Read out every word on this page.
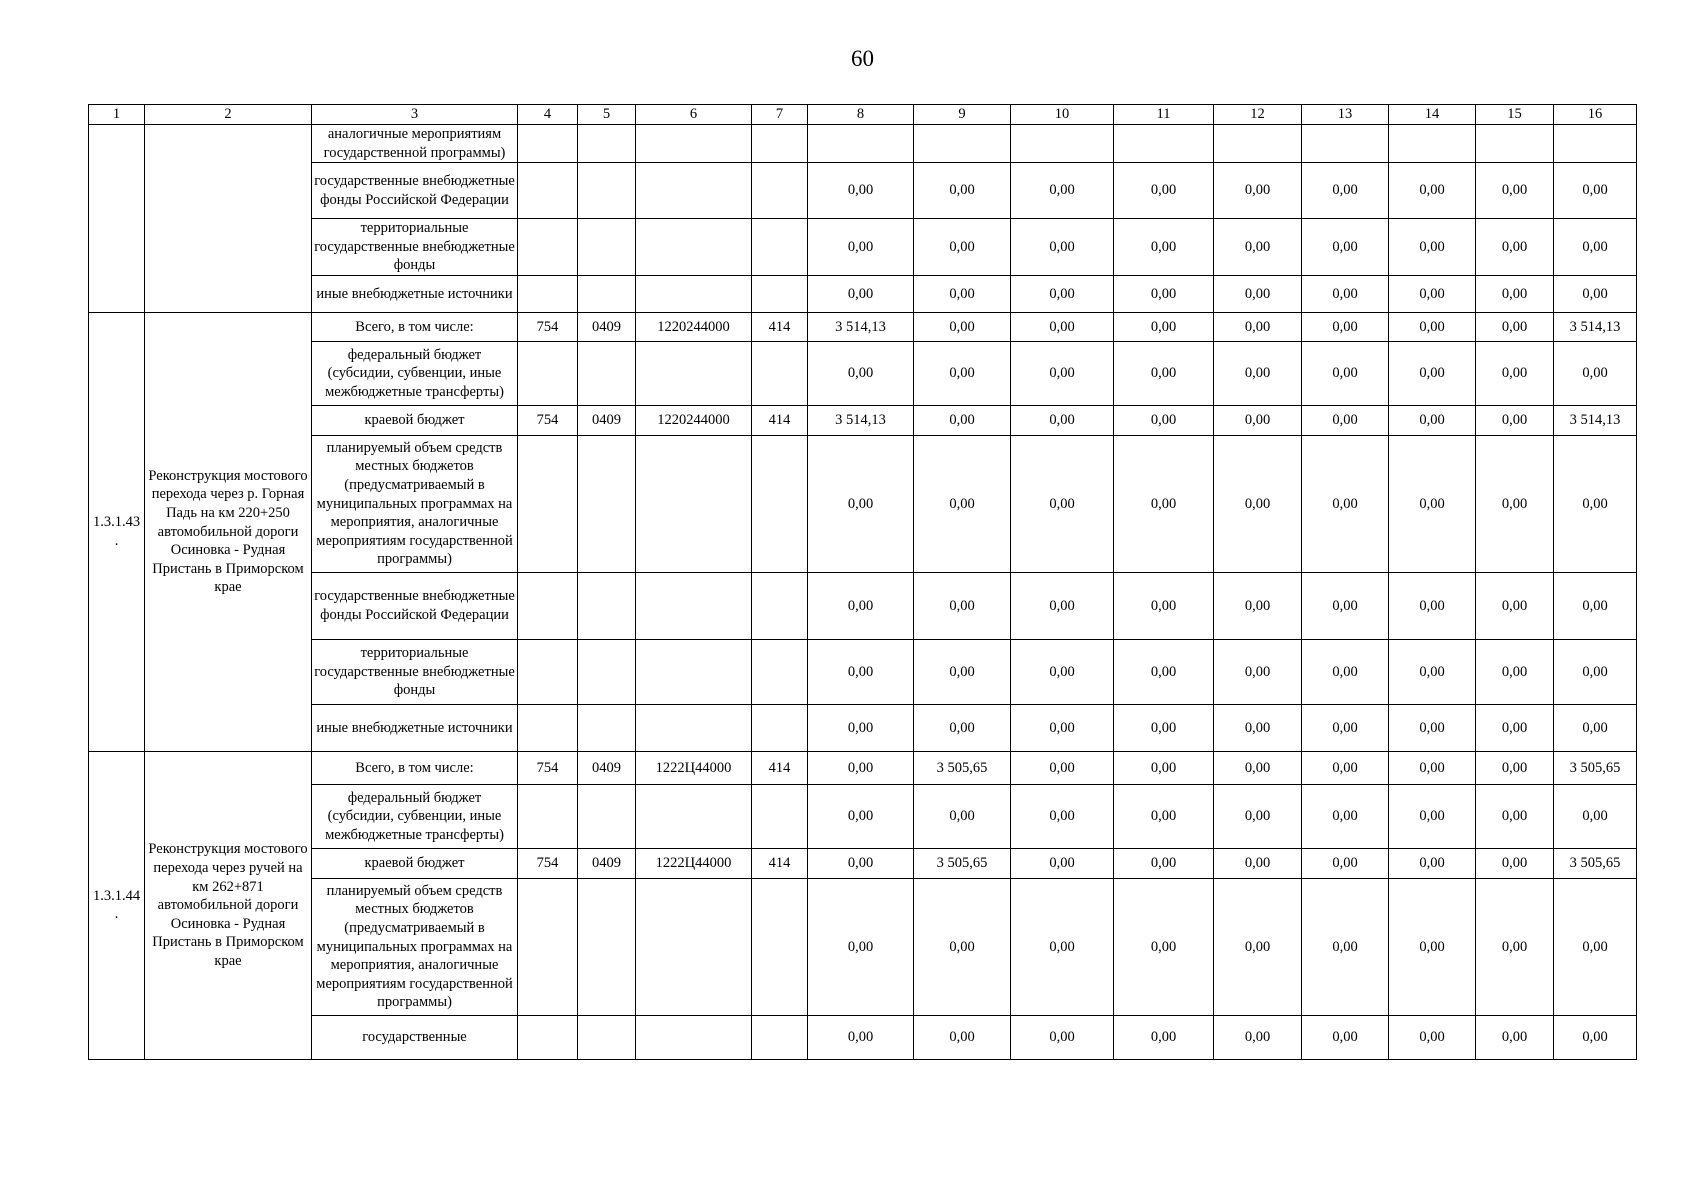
60
1	2	3	4	5	6	7	8	9	10	11	12	13	14	15	16
		аналогичные мероприятиям государственной программы)													
		государственные внебюджетные фонды Российской Федерации					0,00	0,00	0,00	0,00	0,00	0,00	0,00	0,00	0,00
		территориальные государственные внебюджетные фонды					0,00	0,00	0,00	0,00	0,00	0,00	0,00	0,00	0,00
		иные внебюджетные источники					0,00	0,00	0,00	0,00	0,00	0,00	0,00	0,00	0,00
1.3.1.43 .	Реконструкция мостового перехода через р. Горная Падь на км 220+250 автомобильной дороги Осиновка - Рудная Пристань в Приморском крае	Всего, в том числе:	754	0409	1220244000	414	3 514,13	0,00	0,00	0,00	0,00	0,00	0,00	0,00	3 514,13
		федеральный бюджет (субсидии, субвенции, иные межбюджетные трансферты)					0,00	0,00	0,00	0,00	0,00	0,00	0,00	0,00	0,00
		краевой бюджет	754	0409	1220244000	414	3 514,13	0,00	0,00	0,00	0,00	0,00	0,00	0,00	3 514,13
		планируемый объем средств местных бюджетов (предусматриваемый в муниципальных программах на мероприятия, аналогичные мероприятиям государственной программы)					0,00	0,00	0,00	0,00	0,00	0,00	0,00	0,00	0,00
		государственные внебюджетные фонды Российской Федерации					0,00	0,00	0,00	0,00	0,00	0,00	0,00	0,00	0,00
		территориальные государственные внебюджетные фонды					0,00	0,00	0,00	0,00	0,00	0,00	0,00	0,00	0,00
		иные внебюджетные источники					0,00	0,00	0,00	0,00	0,00	0,00	0,00	0,00	0,00
1.3.1.44 .	Реконструкция мостового перехода через ручей на км 262+871 автомобильной дороги Осиновка - Рудная Пристань в Приморском крае	Всего, в том числе:	754	0409	1222Ц44000	414	0,00	3 505,65	0,00	0,00	0,00	0,00	0,00	0,00	3 505,65
		федеральный бюджет (субсидии, субвенции, иные межбюджетные трансферты)					0,00	0,00	0,00	0,00	0,00	0,00	0,00	0,00	0,00
		краевой бюджет	754	0409	1222Ц44000	414	0,00	3 505,65	0,00	0,00	0,00	0,00	0,00	0,00	3 505,65
		планируемый объем средств местных бюджетов (предусматриваемый в муниципальных программах на мероприятия, аналогичные мероприятиям государственной программы)					0,00	0,00	0,00	0,00	0,00	0,00	0,00	0,00	0,00
		государственные					0,00	0,00	0,00	0,00	0,00	0,00	0,00	0,00	0,00
